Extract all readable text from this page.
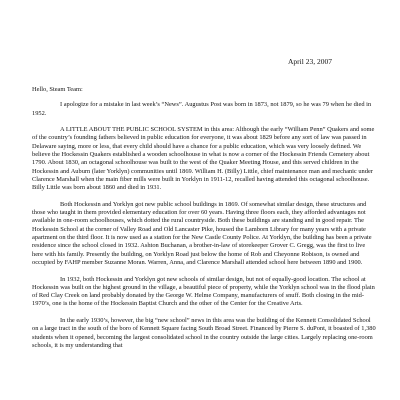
April 23, 2007

Hello, Steam Team:

I apologize for a mistake in last week’s “News”. Augustus Post was born in 1873, not 1879, so he was 79 when he died in 1952.

A LITTLE ABOUT THE PUBLIC SCHOOL SYSTEM in this area: Although the early “William Penn” Quakers and some of the country’s founding fathers believed in public education for everyone, it was about 1829 before any sort of law was passed in Delaware saying, more or less, that every child should have a chance for a public education, which was very loosely defined. We believe the Hockessin Quakers established a wooden schoolhouse in what is now a corner of the Hockessin Friends Cemetery about 1790. About 1830, an octagonal schoolhouse was built to the west of the Quaker Meeting House, and this served children in the Hockessin and Auburn (later Yorklyn) communities until 1869. William H. (Billy) Little, chief maintenance man and mechanic under Clarence Marshall when the main fiber mills were built in Yorklyn in 1911-12, recalled having attended this octagonal schoolhouse. Billy Little was born about 1860 and died in 1931.

Both Hockessin and Yorklyn got new public school buildings in 1869. Of somewhat similar design, these structures and those who taught in them provided elementary education for over 60 years. Having three floors each, they afforded advantages not available in one-room schoolhouses, which dotted the rural countryside. Both these buildings are standing and in good repair. The Hockessin School at the corner of Valley Road and Old Lancaster Pike, housed the Lamborn Library for many years with a private apartment on the third floor. It is now used as a station for the New Castle County Police. At Yorklyn, the building has been a private residence since the school closed in 1932. Ashton Buchanan, a brother-in-law of storekeeper Grover C. Gregg, was the first to live here with his family. Presently the building, on Yorklyn Road just below the home of Rob and Cheyonne Robison, is owned and occupied by FAHP member Suzanne Moran. Warren, Anna, and Clarence Marshall attended school here between 1890 and 1900.

In 1932, both Hockessin and Yorklyn got new schools of similar design, but not of equally-good location. The school at Hockessin was built on the highest ground in the village, a beautiful piece of property, while the Yorklyn school was in the flood plain of Red Clay Creek on land probably donated by the George W. Helme Company, manufacturers of snuff. Both closing in the mid-1970’s, one is the home of the Hockessin Baptist Church and the other of the Center for the Creative Arts.

In the early 1930’s, however, the big “new school” news in this area was the building of the Kennett Consolidated School on a large tract in the south of the boro of Kennett Square facing South Broad Street. Financed by Pierre S. duPont, it boasted of 1,380 students when it opened, becoming the largest consolidated school in the country outside the large cities. Largely replacing one-room schools, it is my understanding that
